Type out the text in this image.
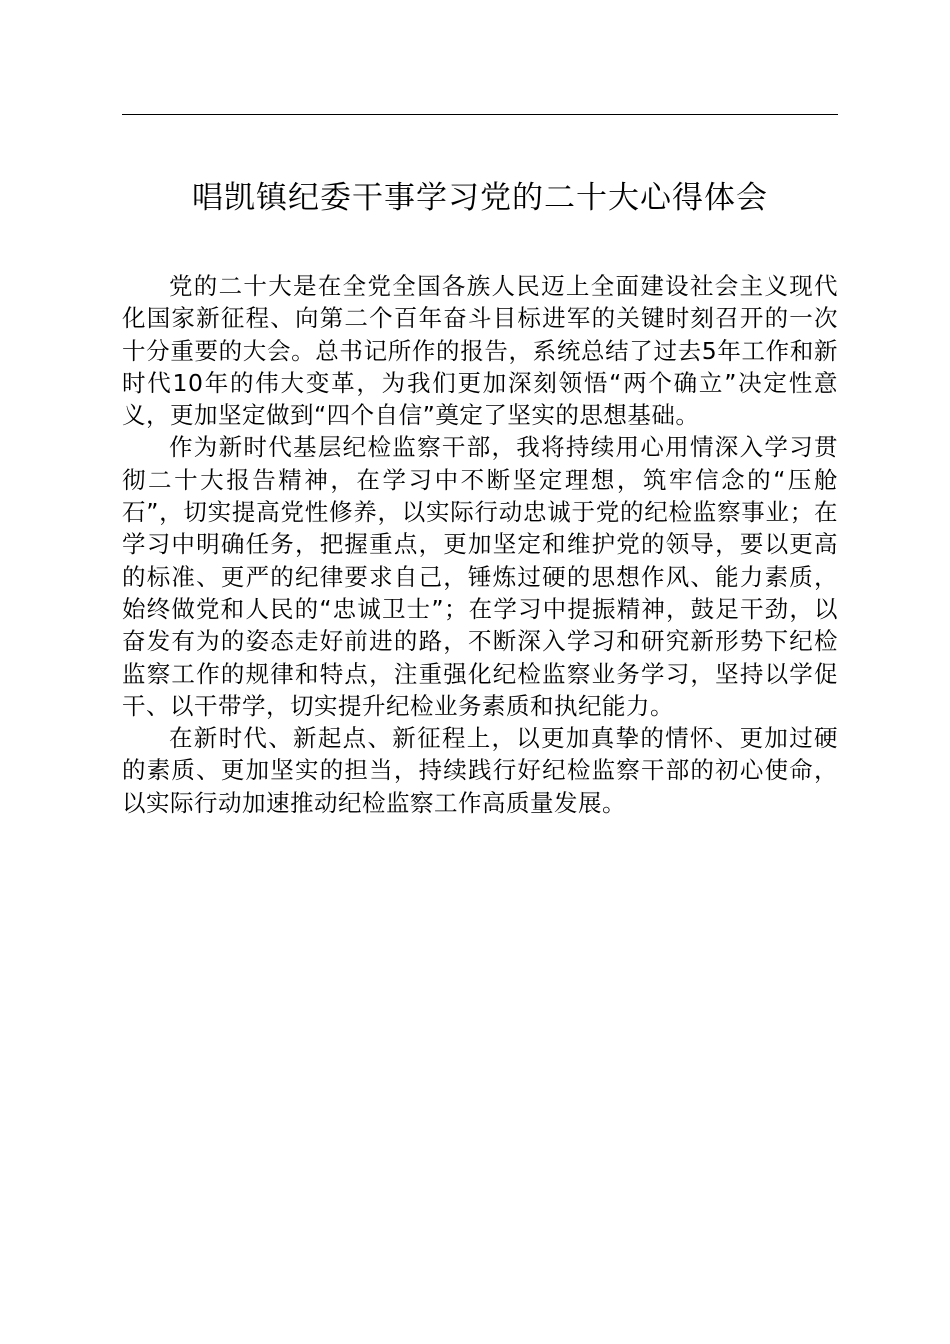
唱凯镇纪委干事学习党的二十大心得体会

党的二十大是在全党全国各族人民迈上全面建设社会主义现代化国家新征程、向第二个百年奋斗目标进军的关键时刻召开的一次十分重要的大会。总书记所作的报告，系统总结了过去5年工作和新时代10年的伟大变革，为我们更加深刻领悟“两个确立”决定性意义，更加坚定做到“四个自信”奠定了坚实的思想基础。

作为新时代基层纪检监察干部，我将持续用心用情深入学习贯彻二十大报告精神，在学习中不断坚定理想，筑牢信念的“压舱石”，切实提高党性修养，以实际行动忠诚于党的纪检监察事业；在学习中明确任务，把握重点，更加坚定和维护党的领导，要以更高的标准、更严的纪律要求自己，锤炼过硬的思想作风、能力素质，始终做党和人民的“忠诚卫士”；在学习中提振精神，鼓足干劲，以奋发有为的姿态走好前进的路，不断深入学习和研究新形势下纪检监察工作的规律和特点，注重强化纪检监察业务学习，坚持以学促干、以干带学，切实提升纪检业务素质和执纪能力。

在新时代、新起点、新征程上，以更加真挚的情怀、更加过硬的素质、更加坚实的担当，持续践行好纪检监察干部的初心使命，以实际行动加速推动纪检监察工作高质量发展。
